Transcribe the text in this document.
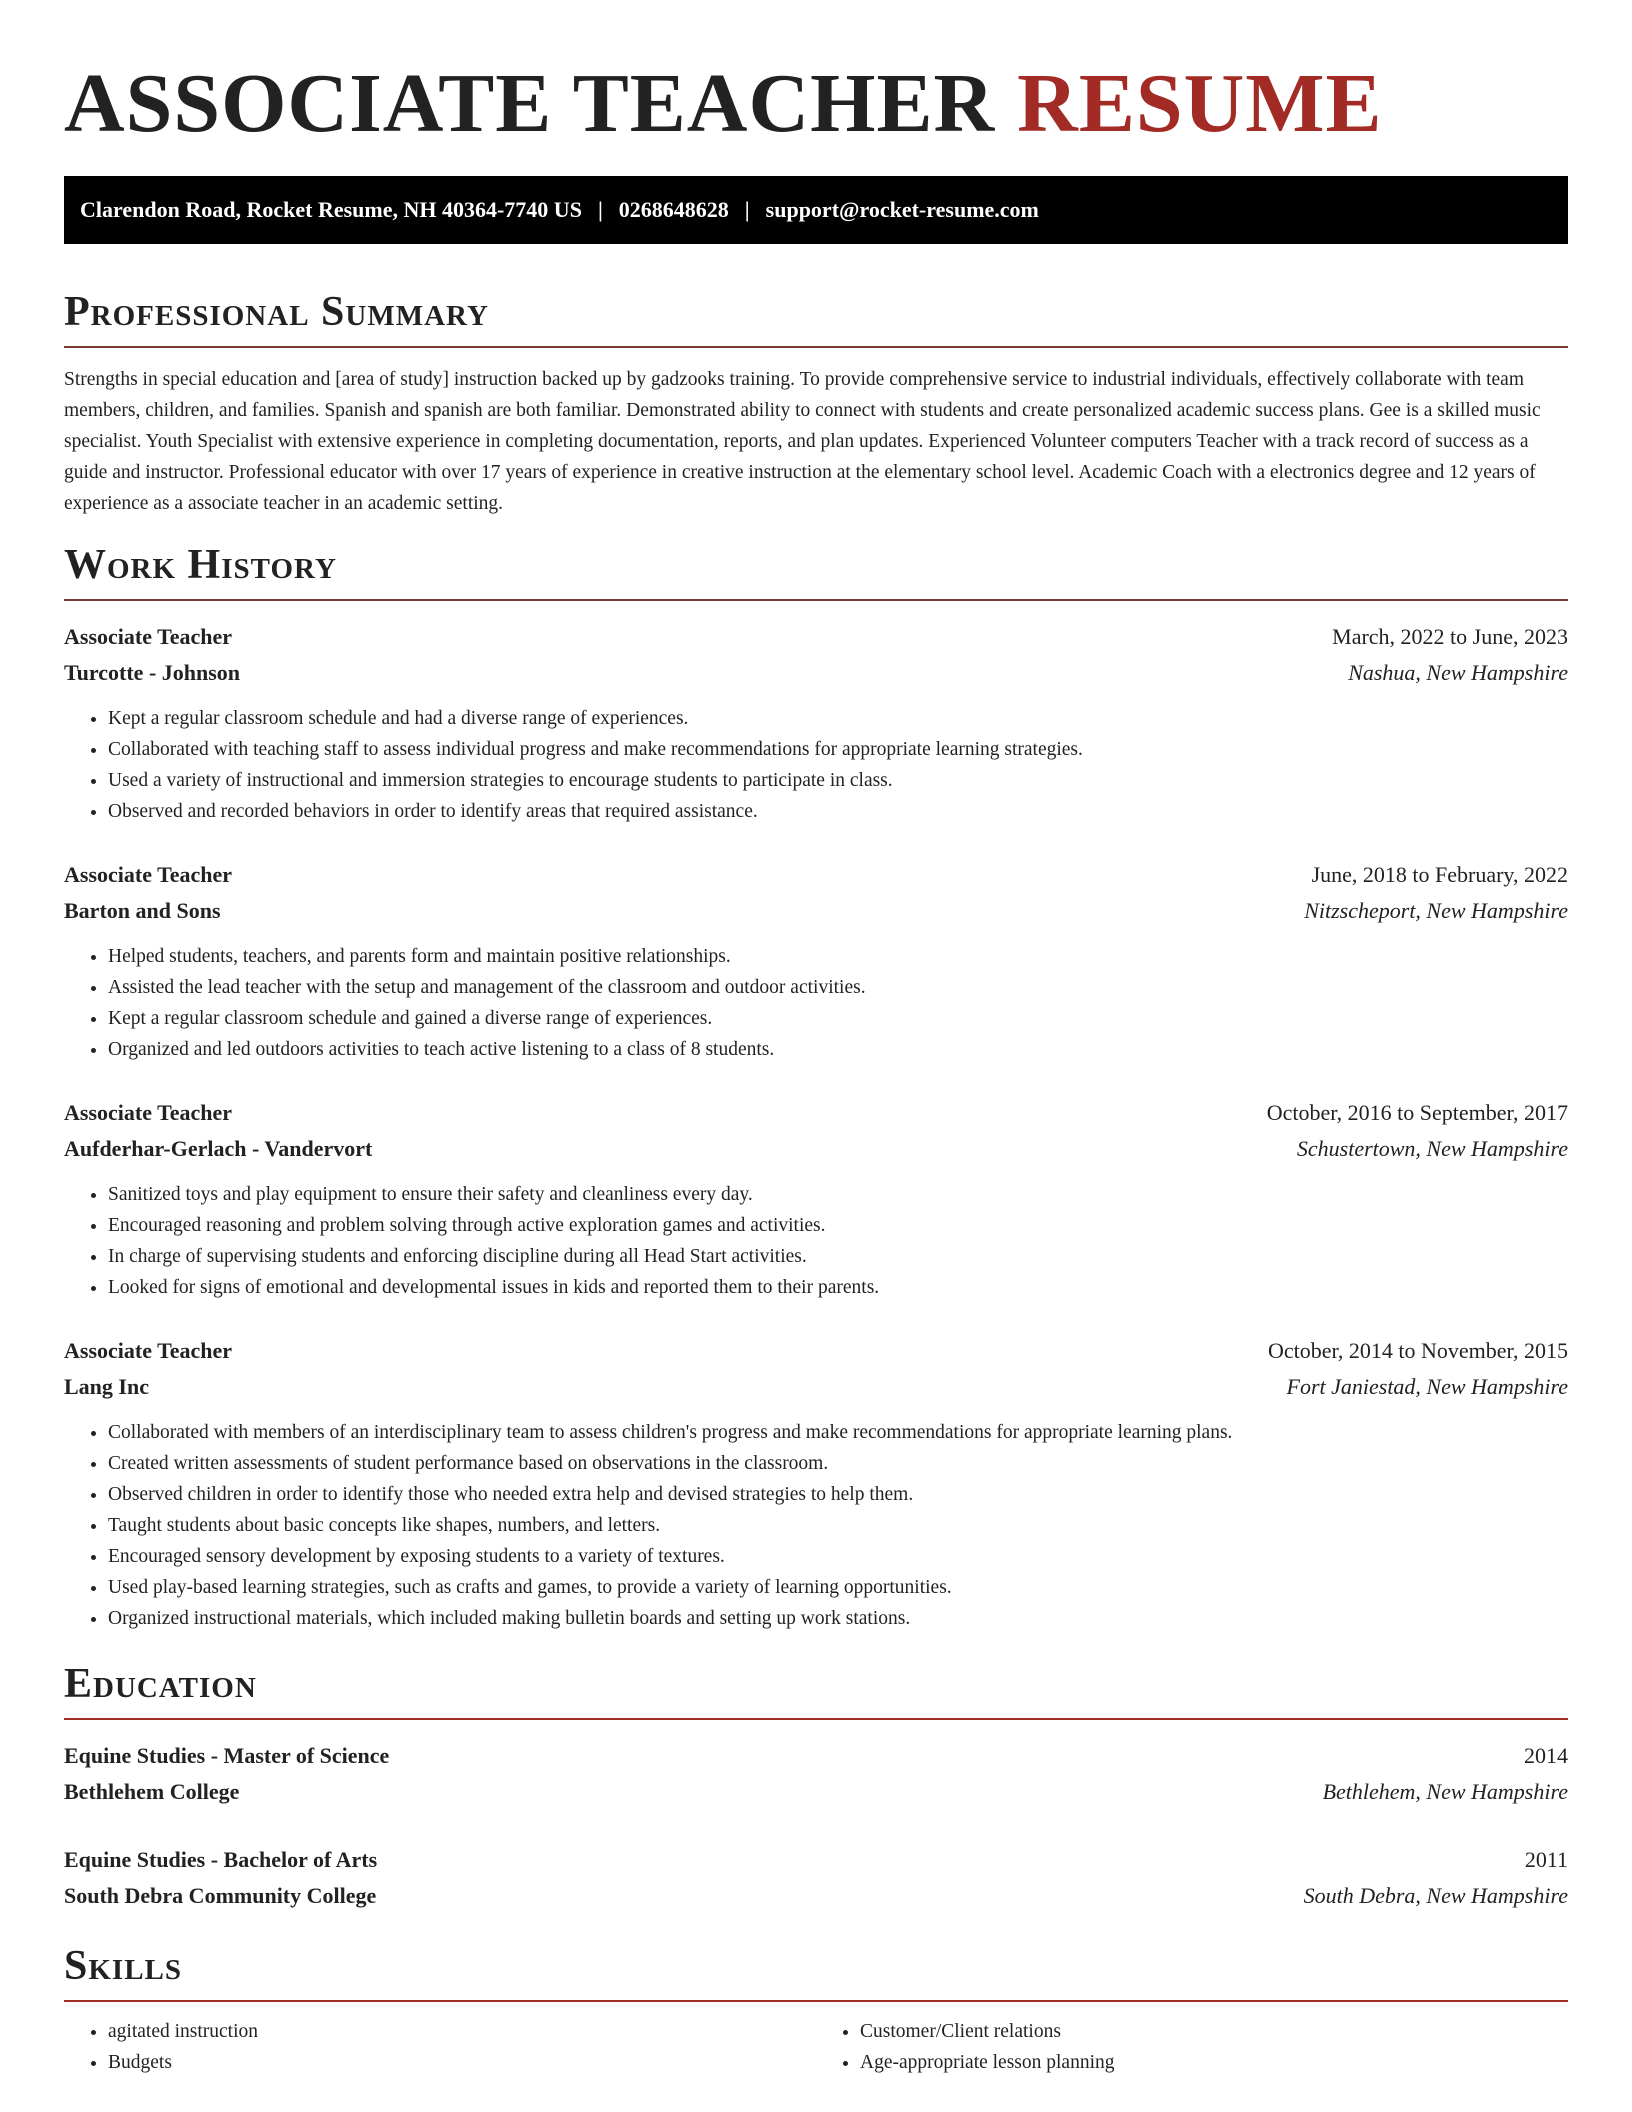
ASSOCIATE TEACHER RESUME
Clarendon Road, Rocket Resume, NH 40364-7740 US | 0268648628 | support@rocket-resume.com
Professional Summary

Strengths in special education and [area of study] instruction backed up by gadzooks training. To provide comprehensive service to industrial individuals, effectively collaborate with team members, children, and families. Spanish and spanish are both familiar. Demonstrated ability to connect with students and create personalized academic success plans. Gee is a skilled music specialist. Youth Specialist with extensive experience in completing documentation, reports, and plan updates. Experienced Volunteer computers Teacher with a track record of success as a guide and instructor. Professional educator with over 17 years of experience in creative instruction at the elementary school level. Academic Coach with a electronics degree and 12 years of experience as a associate teacher in an academic setting.

Work History
Associate Teacher	March, 2022 to June, 2023
Turcotte - Johnson	Nashua, New Hampshire
• Kept a regular classroom schedule and had a diverse range of experiences.
• Collaborated with teaching staff to assess individual progress and make recommendations for appropriate learning strategies.
• Used a variety of instructional and immersion strategies to encourage students to participate in class.
• Observed and recorded behaviors in order to identify areas that required assistance.
Associate Teacher	June, 2018 to February, 2022
Barton and Sons	Nitzscheport, New Hampshire
• Helped students, teachers, and parents form and maintain positive relationships.
• Assisted the lead teacher with the setup and management of the classroom and outdoor activities.
• Kept a regular classroom schedule and gained a diverse range of experiences.
• Organized and led outdoors activities to teach active listening to a class of 8 students.
Associate Teacher	October, 2016 to September, 2017
Aufderhar-Gerlach - Vandervort	Schustertown, New Hampshire
• Sanitized toys and play equipment to ensure their safety and cleanliness every day.
• Encouraged reasoning and problem solving through active exploration games and activities.
• In charge of supervising students and enforcing discipline during all Head Start activities.
• Looked for signs of emotional and developmental issues in kids and reported them to their parents.
Associate Teacher	October, 2014 to November, 2015
Lang Inc	Fort Janiestad, New Hampshire
• Collaborated with members of an interdisciplinary team to assess children's progress and make recommendations for appropriate learning plans.
• Created written assessments of student performance based on observations in the classroom.
• Observed children in order to identify those who needed extra help and devised strategies to help them.
• Taught students about basic concepts like shapes, numbers, and letters.
• Encouraged sensory development by exposing students to a variety of textures.
• Used play-based learning strategies, such as crafts and games, to provide a variety of learning opportunities.
• Organized instructional materials, which included making bulletin boards and setting up work stations.
Education
Equine Studies - Master of Science	2014
Bethlehem College	Bethlehem, New Hampshire
Equine Studies - Bachelor of Arts	2011
South Debra Community College	South Debra, New Hampshire
Skills
• agitated instruction
• Budgets
• Customer/Client relations
• Age-appropriate lesson planning
